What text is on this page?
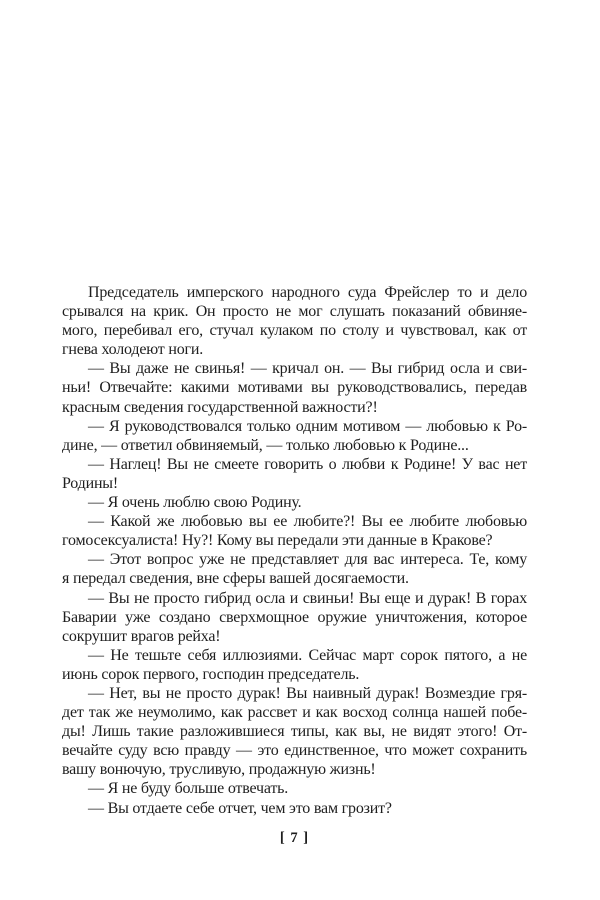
Председатель имперского народного суда Фрейслер то и дело
срывался на крик. Он просто не мог слушать показаний обвиняе-
мого, перебивал его, стучал кулаком по столу и чувствовал, как от
гнева холодеют ноги.
— Вы даже не свинья! — кричал он. — Вы гибрид осла и сви-
ньи! Отвечайте: какими мотивами вы руководствовались, передав
красным сведения государственной важности?!
— Я руководствовался только одним мотивом — любовью к Ро-
дине, — ответил обвиняемый, — только любовью к Родине...
— Наглец! Вы не смеете говорить о любви к Родине! У вас нет
Родины!
— Я очень люблю свою Родину.
— Какой же любовью вы ее любите?! Вы ее любите любовью
гомосексуалиста! Ну?! Кому вы передали эти данные в Кракове?
— Этот вопрос уже не представляет для вас интереса. Те, кому
я передал сведения, вне сферы вашей досягаемости.
— Вы не просто гибрид осла и свиньи! Вы еще и дурак! В горах
Баварии уже создано сверхмощное оружие уничтожения, которое
сокрушит врагов рейха!
— Не тешьте себя иллюзиями. Сейчас март сорок пятого, а не
июнь сорок первого, господин председатель.
— Нет, вы не просто дурак! Вы наивный дурак! Возмездие гря-
дет так же неумолимо, как рассвет и как восход солнца нашей побе-
ды! Лишь такие разложившиеся типы, как вы, не видят этого! От-
вечайте суду всю правду — это единственное, что может сохранить
вашу вонючую, трусливую, продажную жизнь!
— Я не буду больше отвечать.
— Вы отдаете себе отчет, чем это вам грозит?
[ 7 ]
